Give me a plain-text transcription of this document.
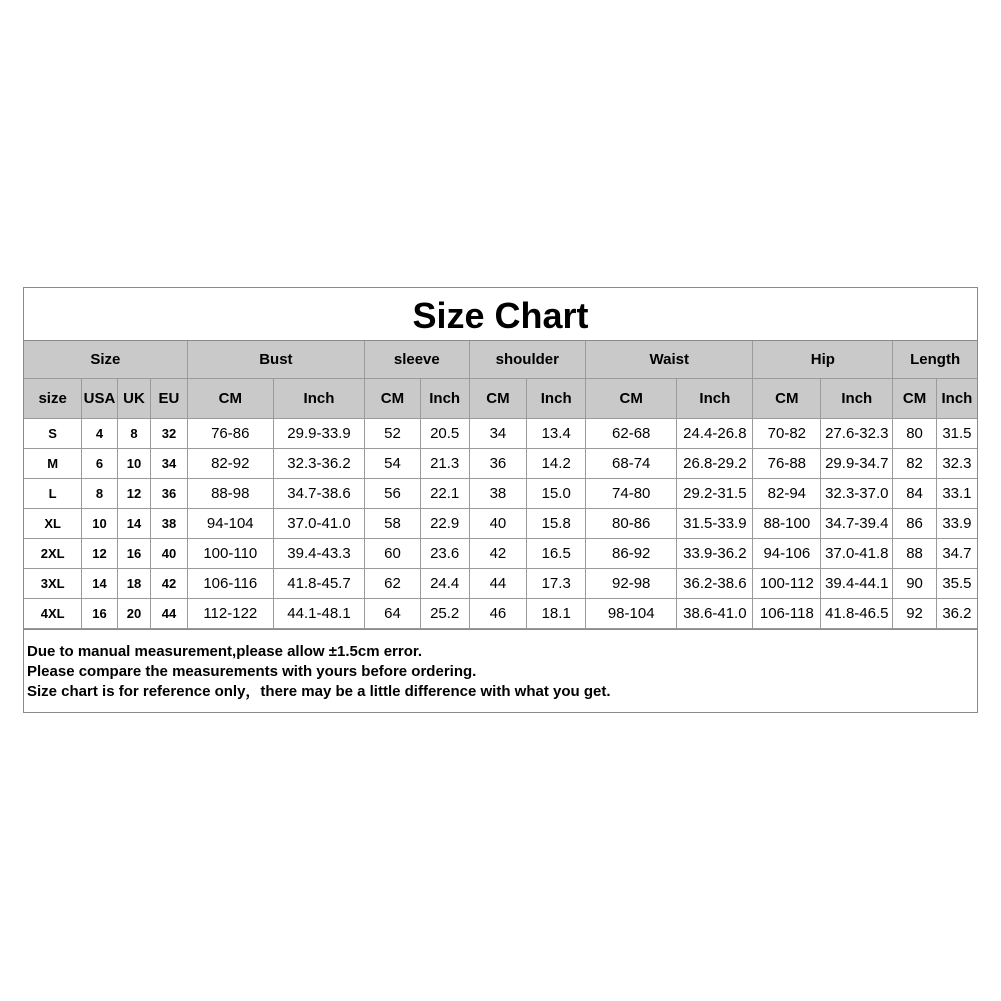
Size Chart
Size				Bust		sleeve		shoulder		Waist		Hip		Length	
size	USA	UK	EU	CM	Inch	CM	Inch	CM	Inch	CM	Inch	CM	Inch	CM	Inch
S	4	8	32	76-86	29.9-33.9	52	20.5	34	13.4	62-68	24.4-26.8	70-82	27.6-32.3	80	31.5
M	6	10	34	82-92	32.3-36.2	54	21.3	36	14.2	68-74	26.8-29.2	76-88	29.9-34.7	82	32.3
L	8	12	36	88-98	34.7-38.6	56	22.1	38	15.0	74-80	29.2-31.5	82-94	32.3-37.0	84	33.1
XL	10	14	38	94-104	37.0-41.0	58	22.9	40	15.8	80-86	31.5-33.9	88-100	34.7-39.4	86	33.9
2XL	12	16	40	100-110	39.4-43.3	60	23.6	42	16.5	86-92	33.9-36.2	94-106	37.0-41.8	88	34.7
3XL	14	18	42	106-116	41.8-45.7	62	24.4	44	17.3	92-98	36.2-38.6	100-112	39.4-44.1	90	35.5
4XL	16	20	44	112-122	44.1-48.1	64	25.2	46	18.1	98-104	38.6-41.0	106-118	41.8-46.5	92	36.2
Due to manual measurement,please allow ±1.5cm error.
Please compare the measurements with yours before ordering.
Size chart is for reference only，there may be a little difference with what you get.
